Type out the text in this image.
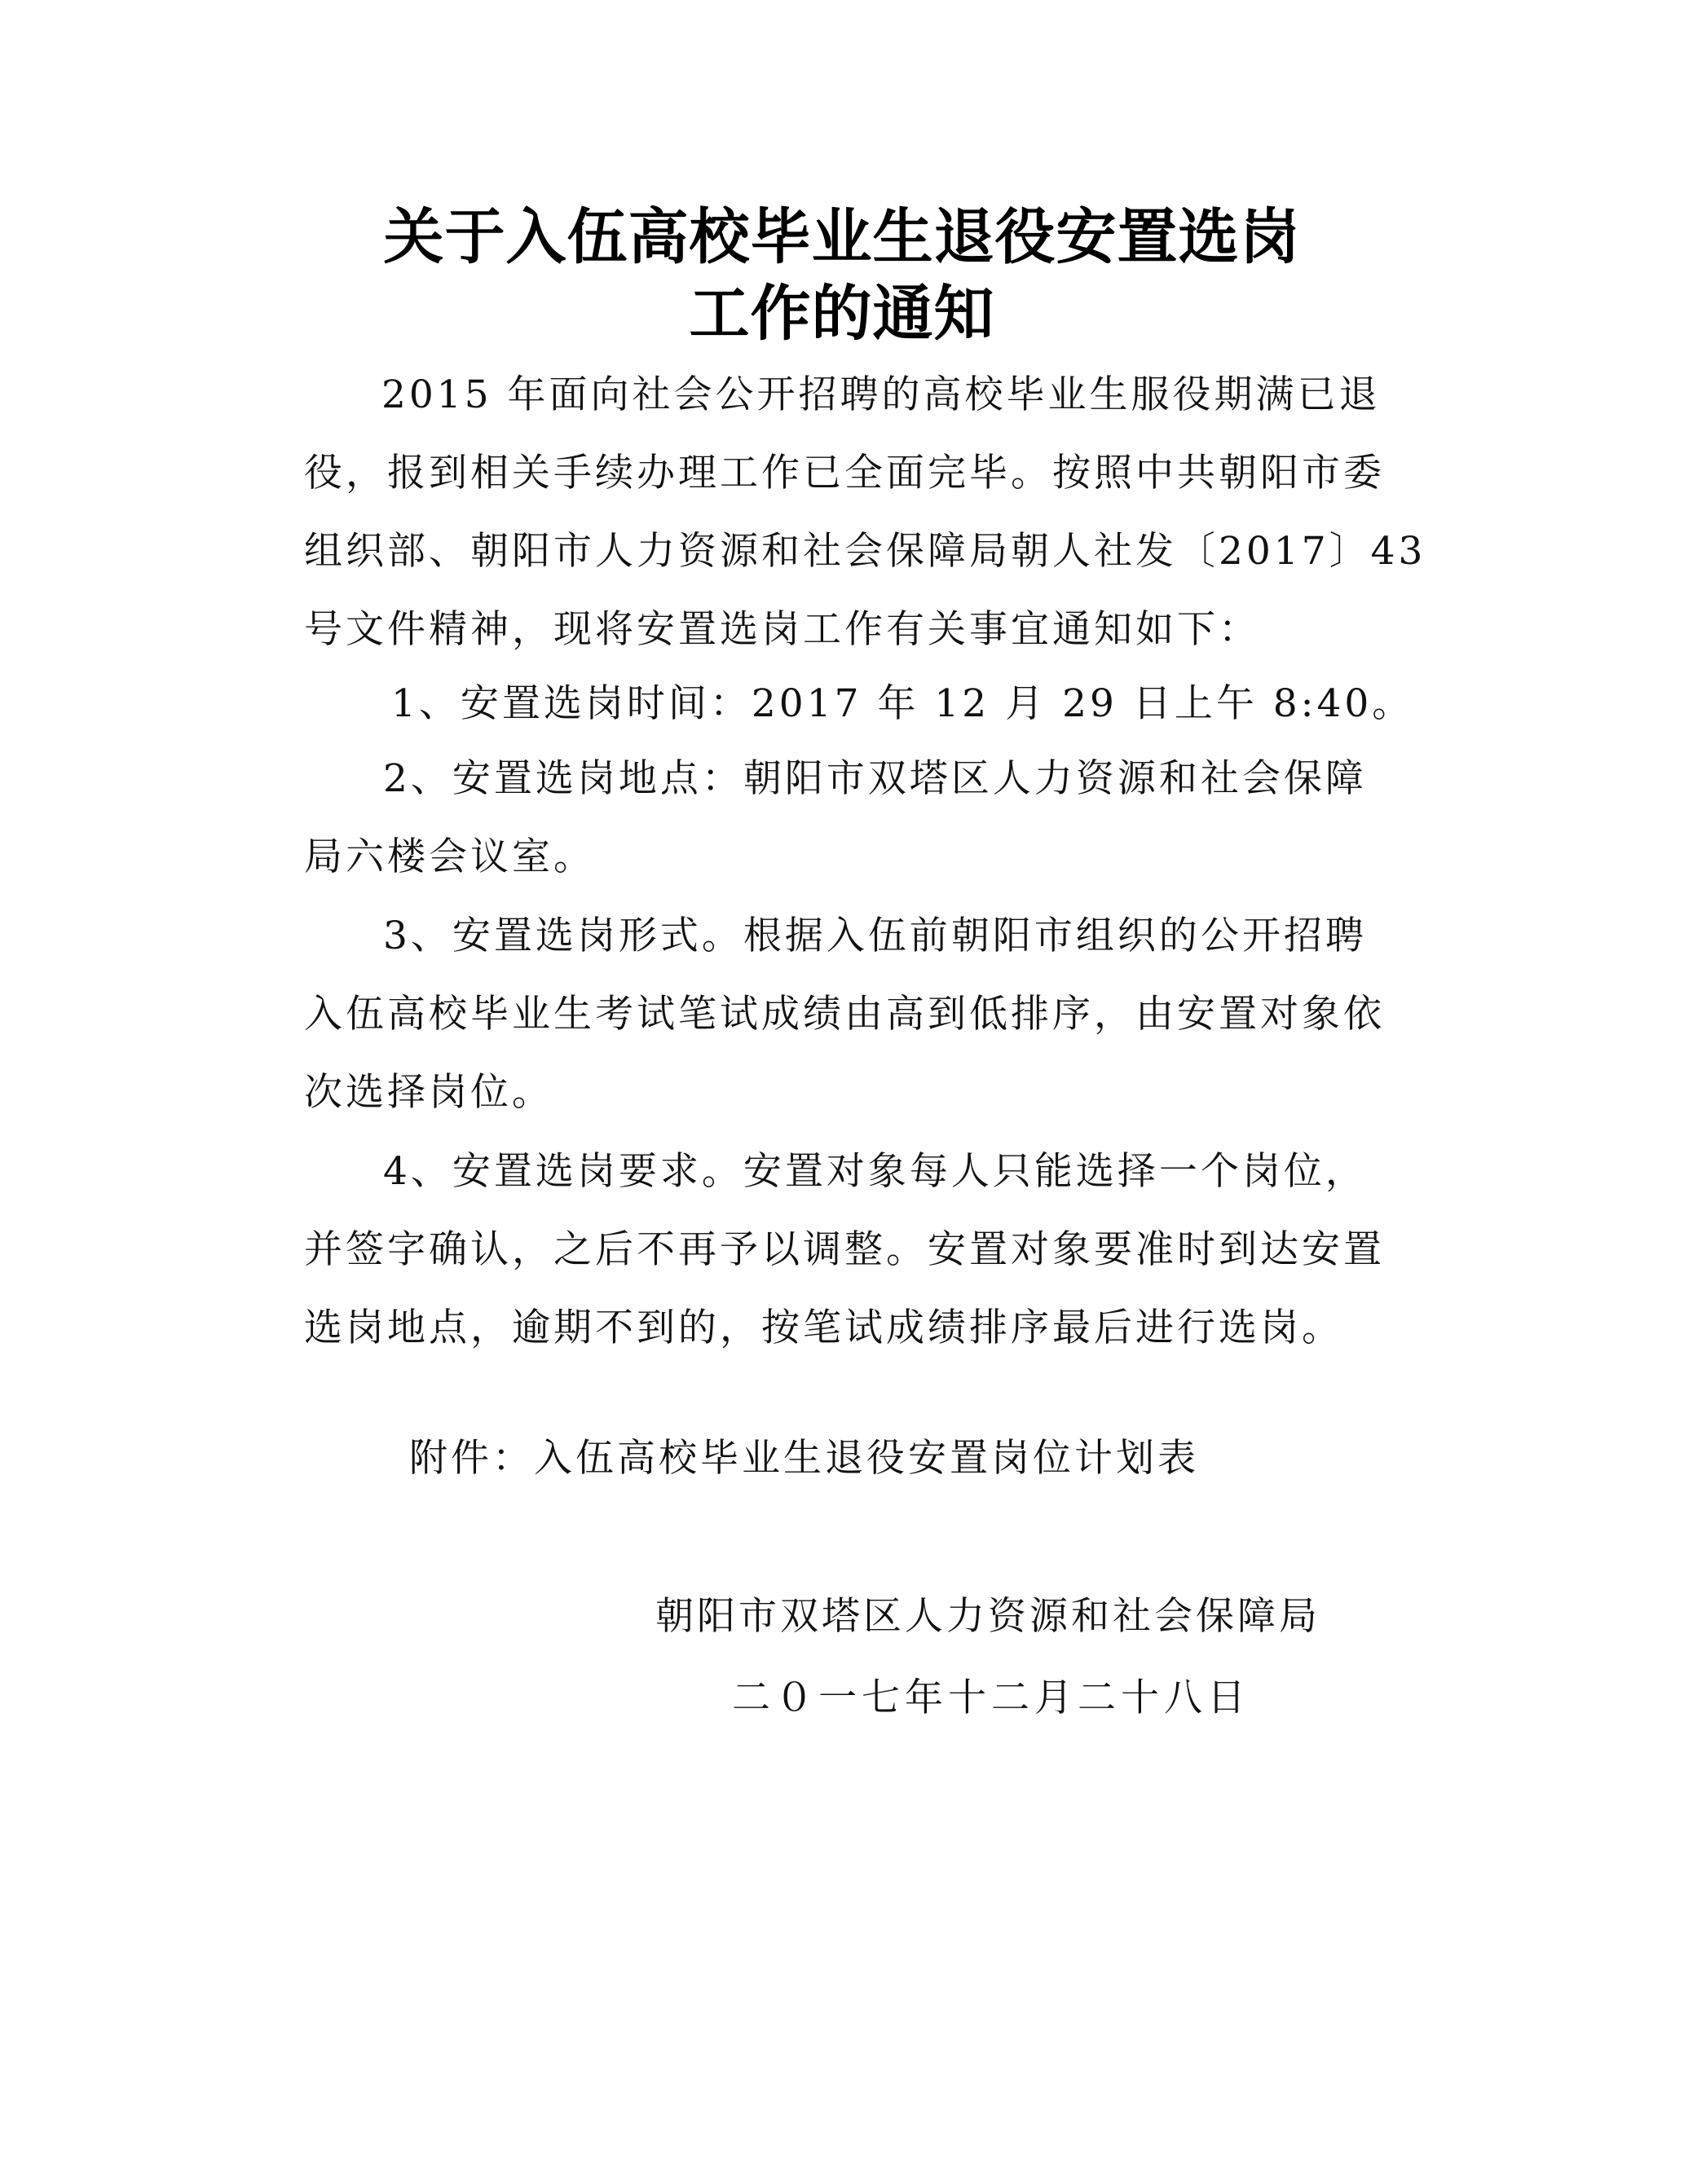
关于入伍高校毕业生退役安置选岗
工作的通知
2015 年面向社会公开招聘的高校毕业生服役期满已退
役，报到相关手续办理工作已全面完毕。按照中共朝阳市委
组织部、朝阳市人力资源和社会保障局朝人社发〔2017〕43
号文件精神，现将安置选岗工作有关事宜通知如下：
1、安置选岗时间：2017 年 12 月 29 日上午 8:40。
2、安置选岗地点：朝阳市双塔区人力资源和社会保障
局六楼会议室。
3、安置选岗形式。根据入伍前朝阳市组织的公开招聘
入伍高校毕业生考试笔试成绩由高到低排序，由安置对象依
次选择岗位。
4、安置选岗要求。安置对象每人只能选择一个岗位，
并签字确认，之后不再予以调整。安置对象要准时到达安置
选岗地点，逾期不到的，按笔试成绩排序最后进行选岗。
附件：入伍高校毕业生退役安置岗位计划表
朝阳市双塔区人力资源和社会保障局
二０一七年十二月二十八日
